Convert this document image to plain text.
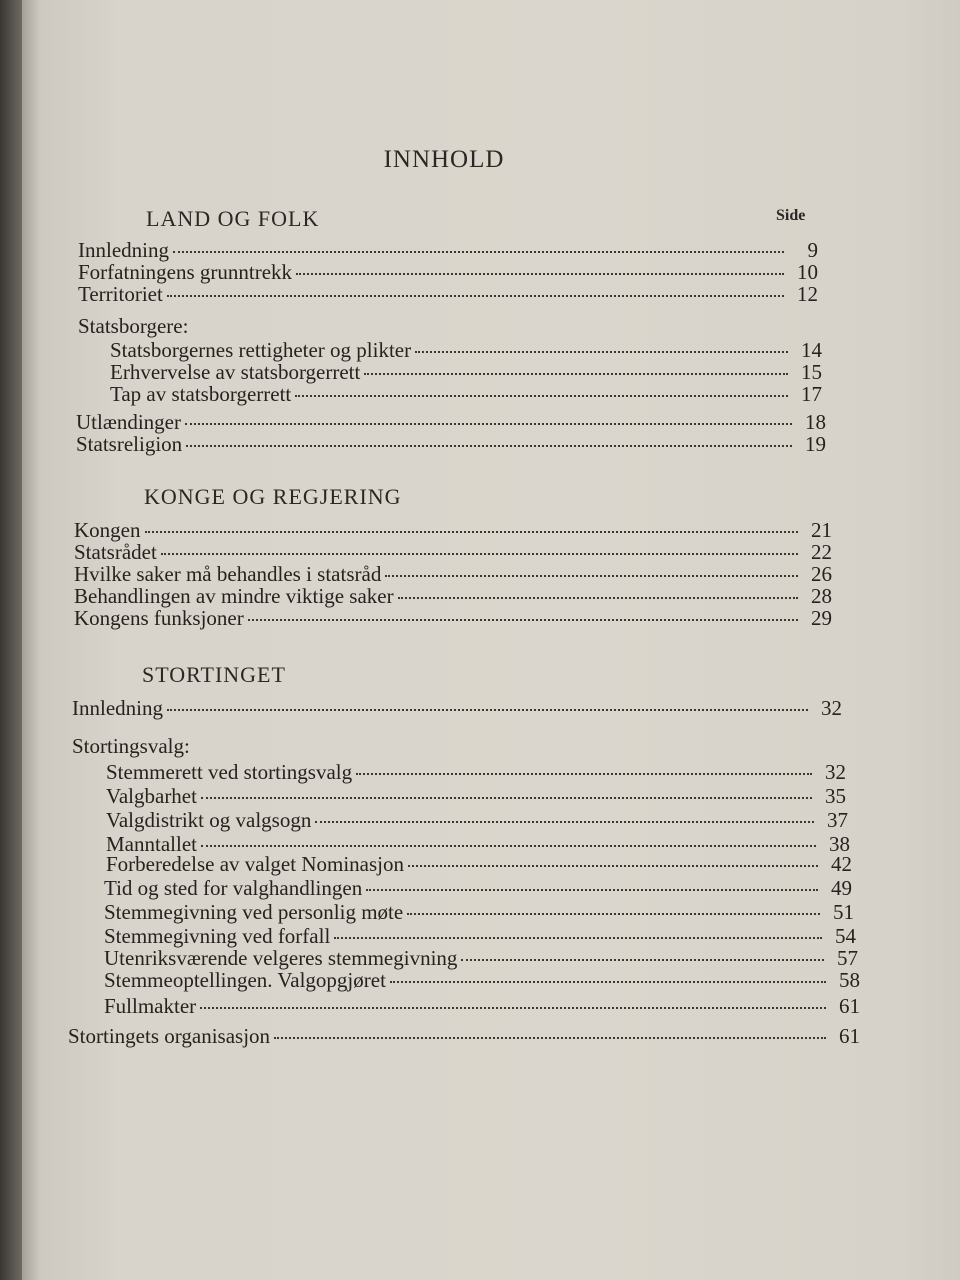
INNHOLD
Side
LAND OG FOLK
Innledning	9
Forfatningens grunntrekk	10
Territoriet	12
Statsborgere:
Statsborgernes rettigheter og plikter	14
Erhvervelse av statsborgerrett	15
Tap av statsborgerrett	17
Utlændinger	18
Statsreligion	19
KONGE OG REGJERING
Kongen	21
Statsrådet	22
Hvilke saker må behandles i statsråd	26
Behandlingen av mindre viktige saker	28
Kongens funksjoner	29
STORTINGET
Innledning	32
Stortingsvalg:
Stemmerett ved stortingsvalg	32
Valgbarhet	35
Valgdistrikt og valgsogn	37
Manntallet	38
Forberedelse av valget Nominasjon	42
Tid og sted for valghandlingen	49
Stemmegivning ved personlig møte	51
Stemmegivning ved forfall	54
Utenriksværende velgeres stemmegivning	57
Stemmeoptellingen. Valgopgjøret	58
Fullmakter	61
Stortingets organisasjon	61
